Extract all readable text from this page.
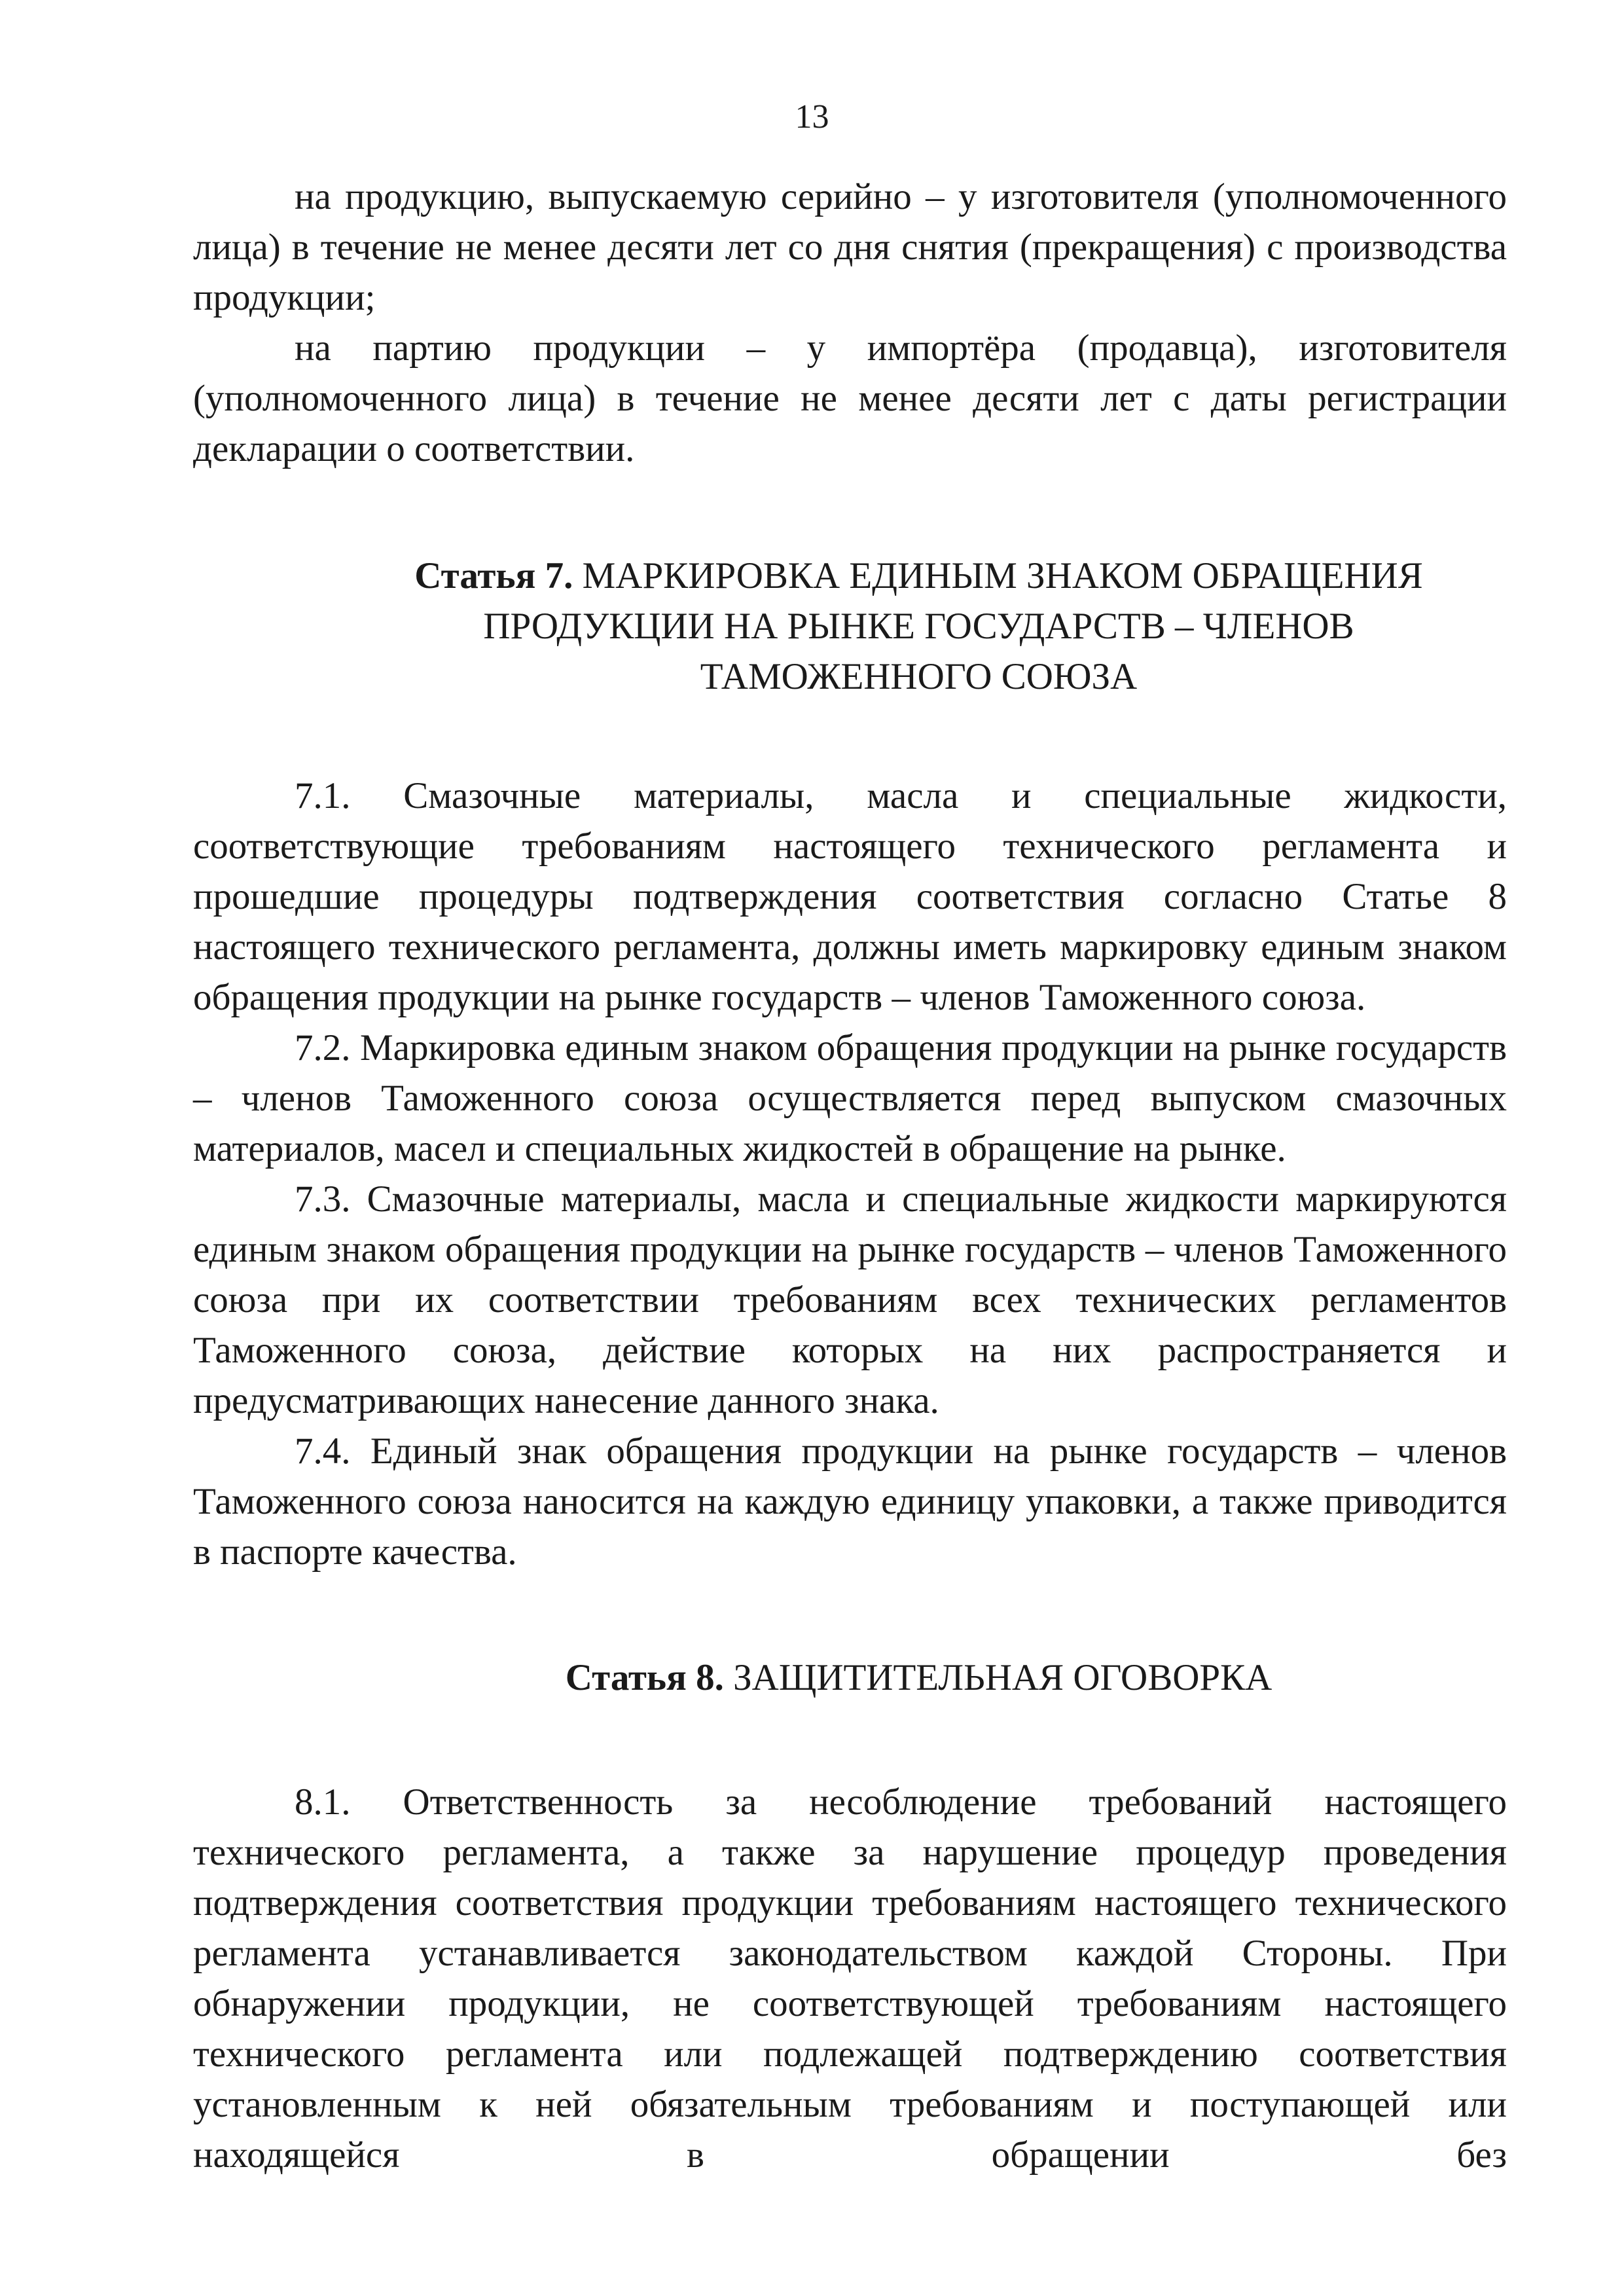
13

на продукцию, выпускаемую серийно – у изготовителя (уполномоченного лица) в течение не менее десяти лет со дня снятия (прекращения) с производства продукции;

на партию продукции – у импортёра (продавца), изготовителя (уполномоченного лица) в течение не менее десяти лет с даты регистрации декларации о соответствии.

Статья 7. МАРКИРОВКА ЕДИНЫМ ЗНАКОМ ОБРАЩЕНИЯ
ПРОДУКЦИИ НА РЫНКЕ ГОСУДАРСТВ – ЧЛЕНОВ
ТАМОЖЕННОГО СОЮЗА

7.1. Смазочные материалы, масла и специальные жидкости, соответствующие требованиям настоящего технического регламента и прошедшие процедуры подтверждения соответствия согласно Статье 8 настоящего технического регламента, должны иметь маркировку единым знаком обращения продукции на рынке государств – членов Таможенного союза.

7.2. Маркировка единым знаком обращения продукции на рынке государств – членов Таможенного союза осуществляется перед выпуском смазочных материалов, масел и специальных жидкостей в обращение на рынке.

7.3. Смазочные материалы, масла и специальные жидкости маркируются единым знаком обращения продукции на рынке государств – членов Таможенного союза при их соответствии требованиям всех технических регламентов Таможенного союза, действие которых на них распространяется и предусматривающих нанесение данного знака.

7.4. Единый знак обращения продукции на рынке государств – членов Таможенного союза наносится на каждую единицу упаковки, а также приводится в паспорте качества.

Статья 8. ЗАЩИТИТЕЛЬНАЯ ОГОВОРКА

8.1. Ответственность за несоблюдение требований настоящего технического регламента, а также за нарушение процедур проведения подтверждения соответствия продукции требованиям настоящего технического регламента устанавливается законодательством каждой Стороны. При обнаружении продукции, не соответствующей требованиям настоящего технического регламента или подлежащей подтверждению соответствия установленным к ней обязательным требованиям и поступающей или находящейся в обращении без
